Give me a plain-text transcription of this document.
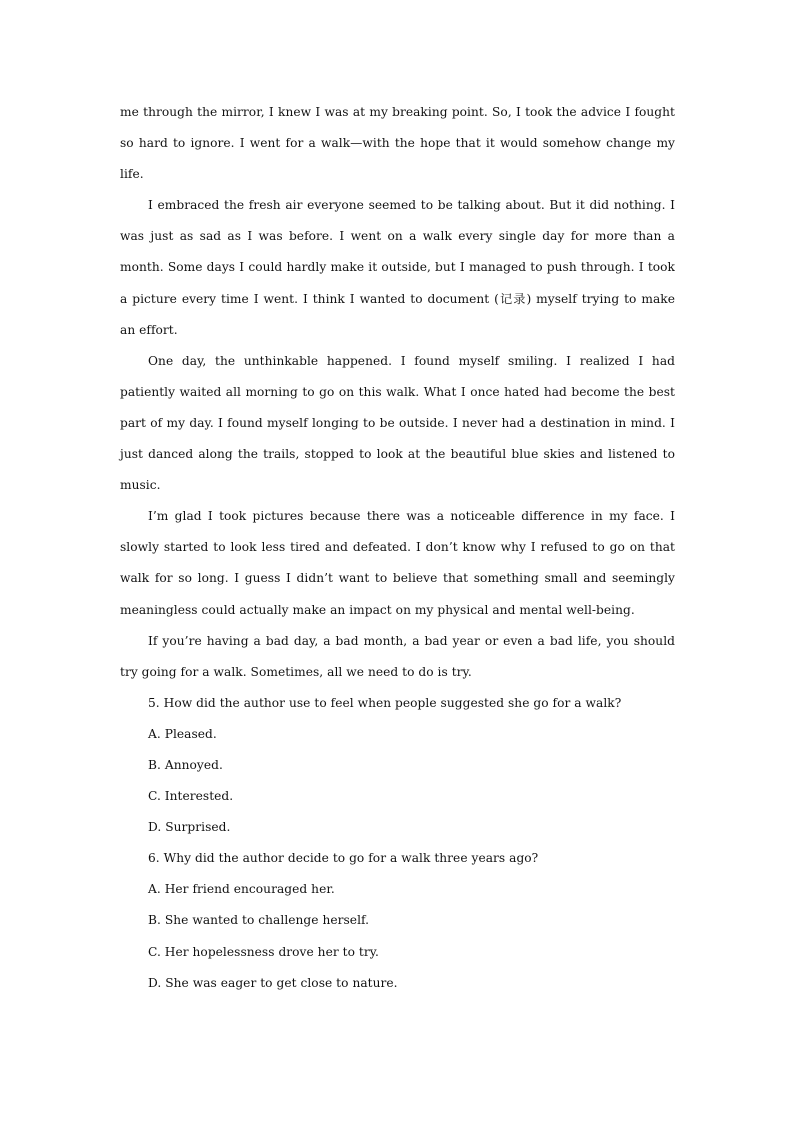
me through the mirror, I knew I was at my breaking point. So, I took the advice I fought so hard to ignore. I went for a walk—with the hope that it would somehow change my life.

I embraced the fresh air everyone seemed to be talking about. But it did nothing. I was just as sad as I was before. I went on a walk every single day for more than a month. Some days I could hardly make it outside, but I managed to push through. I took a picture every time I went. I think I wanted to document (记录) myself trying to make an effort.

One day, the unthinkable happened. I found myself smiling. I realized I had patiently waited all morning to go on this walk. What I once hated had become the best part of my day. I found myself longing to be outside. I never had a destination in mind. I just danced along the trails, stopped to look at the beautiful blue skies and listened to music.

I’m glad I took pictures because there was a noticeable difference in my face. I slowly started to look less tired and defeated. I don’t know why I refused to go on that walk for so long. I guess I didn’t want to believe that something small and seemingly meaningless could actually make an impact on my physical and mental well-being.

If you’re having a bad day, a bad month, a bad year or even a bad life, you should try going for a walk. Sometimes, all we need to do is try.

5. How did the author use to feel when people suggested she go for a walk?

A. Pleased.

B. Annoyed.

C. Interested.

D. Surprised.

6. Why did the author decide to go for a walk three years ago?

A. Her friend encouraged her.

B. She wanted to challenge herself.

C. Her hopelessness drove her to try.

D. She was eager to get close to nature.
